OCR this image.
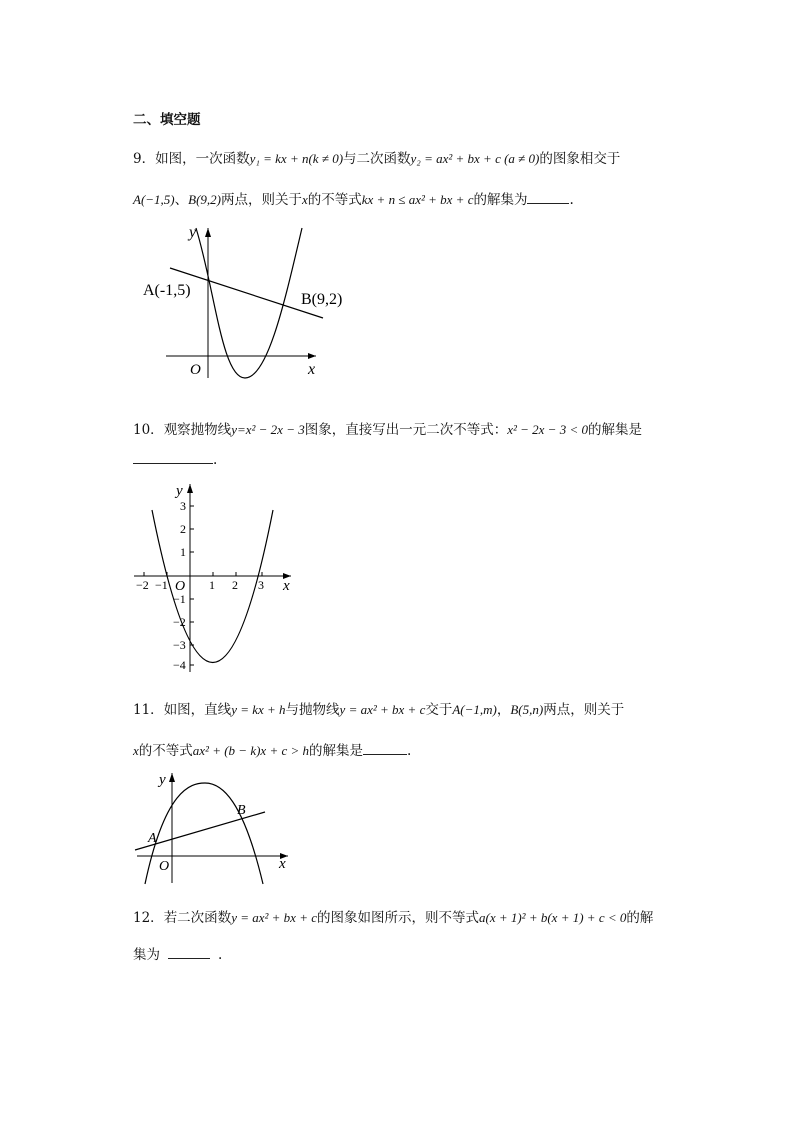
二、填空题
9．如图，一次函数y₁ = kx + n(k ≠ 0)与二次函数y₂ = ax² + bx + c (a ≠ 0)的图象相交于
A(−1,5)、B(9,2)两点，则关于x的不等式kx + n ≤ ax² + bx + c的解集为	.
A(-1,5)
B(9,2)
O	x
y
10．观察抛物线y=x² − 2x − 3图象，直接写出一元二次不等式：x² − 2x − 3 < 0的解集是
.
3
2
1
−1
−2
−3
−4
−2 −1	1 2 3
O	x
y
11．如图，直线y = kx + h与抛物线y = ax² + bx + c交于A(−1,m)，B(5,n)两点，则关于
x的不等式ax² + (b − k)x + c > h的解集是	.
A
B
O	x
y
12．若二次函数y = ax² + bx + c的图象如图所示，则不等式a(x + 1)² + b(x + 1) + c < 0的解
集为	.
